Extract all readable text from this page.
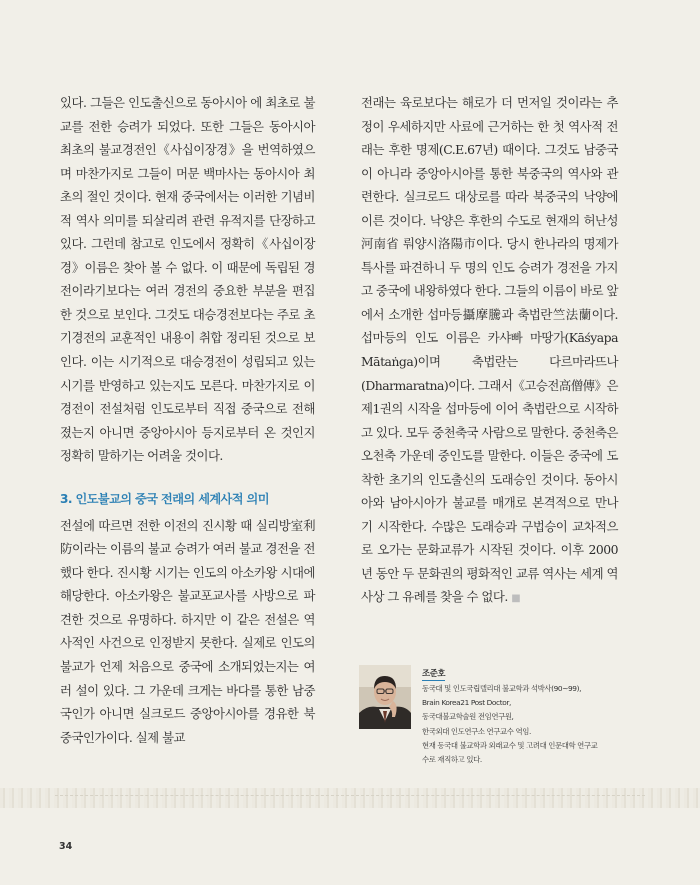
있다. 그들은 인도출신으로 동아시아 에 최초로 불교를 전한 승려가 되었다. 또한 그들은 동아시아 최초의 불교경전인《사십이장경》을 번역하였으며 마찬가지로 그들이 머문 백마사는 동아시아 최초의 절인 것이다. 현재 중국에서는 이러한 기념비적 역사 의미를 되살리려 관련 유적지를 단장하고 있다. 그런데 참고로 인도에서 정확히《사십이장경》이름은 찾아 볼 수 없다. 이 때문에 독립된 경전이라기보다는 여러 경전의 중요한 부분을 편집한 것으로 보인다. 그것도 대승경전보다는 주로 초기경전의 교훈적인 내용이 취합 정리된 것으로 보인다. 이는 시기적으로 대승경전이 성립되고 있는 시기를 반영하고 있는지도 모른다. 마찬가지로 이 경전이 전설처럼 인도로부터 직접 중국으로 전해졌는지 아니면 중앙아시아 등지로부터 온 것인지 정확히 말하기는 어려울 것이다.

3. 인도불교의 중국 전래의 세계사적 의미

전설에 따르면 전한 이전의 진시황 때 실리방室利防이라는 이름의 불교 승려가 여러 불교 경전을 전했다 한다. 진시황 시기는 인도의 아소카왕 시대에 해당한다. 아소카왕은 불교포교사를 사방으로 파견한 것으로 유명하다. 하지만 이 같은 전설은 역사적인 사건으로 인정받지 못한다. 실제로 인도의 불교가 언제 처음으로 중국에 소개되었는지는 여러 설이 있다. 그 가운데 크게는 바다를 통한 남중국인가 아니면 실크로드 중앙아시아를 경유한 북중국인가이다. 실제 불교

전래는 육로보다는 해로가 더 먼저일 것이라는 추정이 우세하지만 사료에 근거하는 한 첫 역사적 전래는 후한 명제(C.E.67년) 때이다. 그것도 남중국이 아니라 중앙아시아를 통한 북중국의 역사와 관련한다. 실크로드 대상로를 따라 북중국의 낙양에 이른 것이다. 낙양은 후한의 수도로 현재의 허난성河南省 뤄양시洛陽市이다. 당시 한나라의 명제가 특사를 파견하니 두 명의 인도 승려가 경전을 가지고 중국에 내왕하였다 한다. 그들의 이름이 바로 앞에서 소개한 섭마등攝摩騰과 축법란竺法蘭이다. 섭마등의 인도 이름은 카샤빠 마땅가(Kāśyapa Mātaṅga)이며 축법란는 다르마라뜨나(Dharmaratna)이다. 그래서《고승전高僧傳》은 제1권의 시작을 섭마등에 이어 축법란으로 시작하고 있다. 모두 중천축국 사람으로 말한다. 중천축은 오천축 가운데 중인도를 말한다. 이들은 중국에 도착한 초기의 인도출신의 도래승인 것이다. 동아시아와 남아시아가 불교를 매개로 본격적으로 만나기 시작한다. 수많은 도래승과 구법승이 교차적으로 오가는 문화교류가 시작된 것이다. 이후 2000년 동안 두 문화권의 평화적인 교류 역사는 세계 역사상 그 유례를 찾을 수 없다. ■

조준호
동국대 및 인도국립델리대 불교학과 석박사(90~99),
Brain Korea21 Post Doctor,
동국대불교학술원 전임연구원,
한국외대 인도연구소 연구교수 역임.
현재 동국대 불교학과 외래교수 및 고려대 인문대학 연구교
수로 재직하고 있다.
34
